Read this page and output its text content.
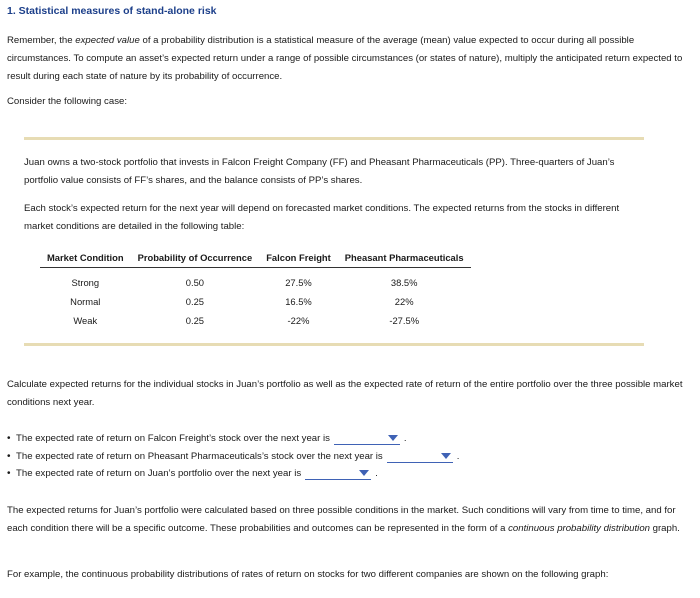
1. Statistical measures of stand-alone risk
Remember, the expected value of a probability distribution is a statistical measure of the average (mean) value expected to occur during all possible circumstances. To compute an asset’s expected return under a range of possible circumstances (or states of nature), multiply the anticipated return expected to result during each state of nature by its probability of occurrence.
Consider the following case:
Juan owns a two-stock portfolio that invests in Falcon Freight Company (FF) and Pheasant Pharmaceuticals (PP). Three-quarters of Juan’s portfolio value consists of FF’s shares, and the balance consists of PP’s shares.
Each stock’s expected return for the next year will depend on forecasted market conditions. The expected returns from the stocks in different market conditions are detailed in the following table:
Market Condition	Probability of Occurrence	Falcon Freight	Pheasant Pharmaceuticals
Strong	0.50	27.5%	38.5%
Normal	0.25	16.5%	22%
Weak	0.25	-22%	-27.5%
Calculate expected returns for the individual stocks in Juan’s portfolio as well as the expected rate of return of the entire portfolio over the three possible market conditions next year.
• The expected rate of return on Falcon Freight’s stock over the next year is	.
• The expected rate of return on Pheasant Pharmaceuticals’s stock over the next year is	.
• The expected rate of return on Juan’s portfolio over the next year is	.
The expected returns for Juan’s portfolio were calculated based on three possible conditions in the market. Such conditions will vary from time to time, and for each condition there will be a specific outcome. These probabilities and outcomes can be represented in the form of a continuous probability distribution graph.
For example, the continuous probability distributions of rates of return on stocks for two different companies are shown on the following graph:
